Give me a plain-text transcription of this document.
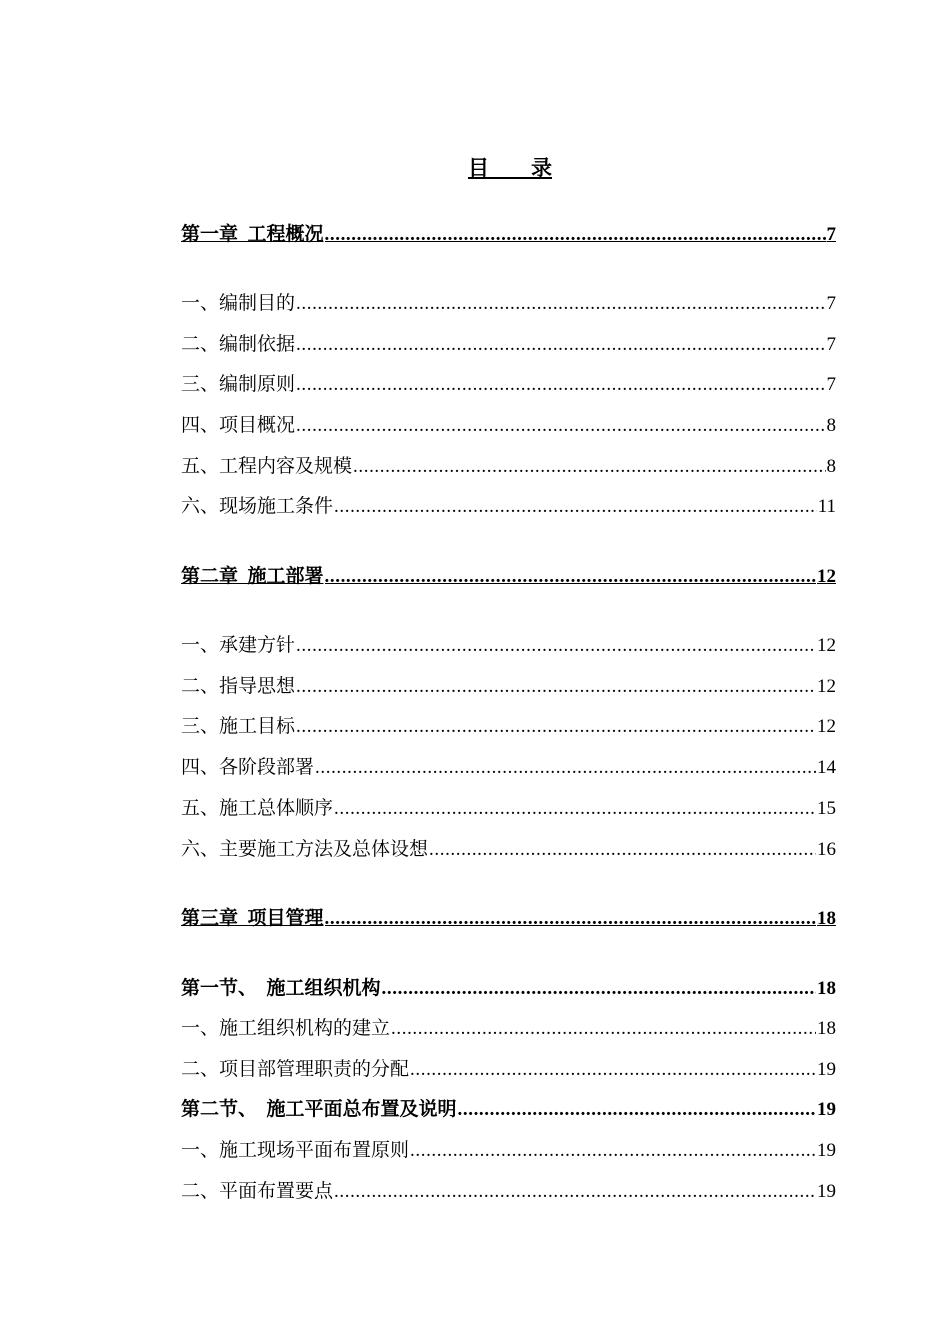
目　　录
第一章  工程概况 .....	7
一、编制目的 .....	7
二、编制依据 .....	7
三、编制原则 .....	7
四、项目概况 .....	8
五、工程内容及规模 .....	8
六、现场施工条件 .....	11
第二章  施工部署 .....	12
一、承建方针 .....	12
二、指导思想 .....	12
三、施工目标 .....	12
四、各阶段部署 .....	14
五、施工总体顺序 .....	15
六、主要施工方法及总体设想 .....	16
第三章  项目管理 .....	18
第一节、  施工组织机构 .....	18
一、施工组织机构的建立 .....	18
二、项目部管理职责的分配 .....	19
第二节、  施工平面总布置及说明 .....	19
一、施工现场平面布置原则 .....	19
二、平面布置要点 .....	19
